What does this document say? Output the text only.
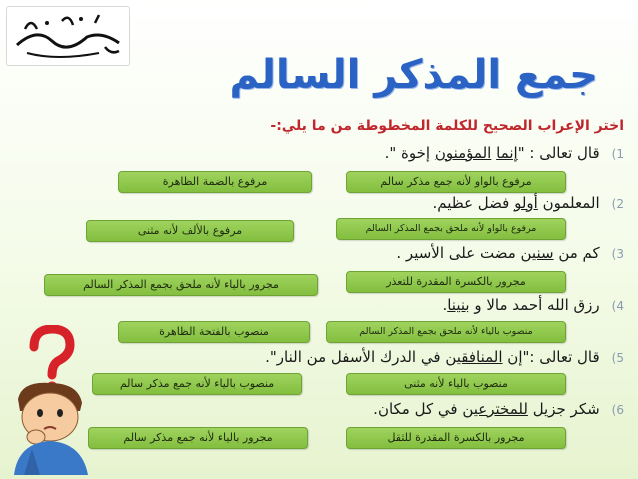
جمع المذكر السالم
اختر الإعراب الصحيح للكلمة المخطوطة من ما يلي:-
1)قال تعالى : "إنما المؤمنون إخوة ".
مرفوع بالواو لأنه جمع مذكر سالم
مرفوع بالضمة الظاهرة
2)المعلمون أولو فضل عظيم.
مرفوع بالواو لأنه ملحق بجمع المذكر السالم
مرفوع بالألف لأنه مثنى
3)كم من سنين مضت على الأسير .
مجرور بالكسرة المقدرة للتعذر
مجرور بالياء لأنه ملحق بجمع المذكر السالم
4)رزق الله أحمد مالا و بنينا.
منصوب بالياء لأنه ملحق بجمع المذكر السالم
منصوب بالفتحة الظاهرة
5)قال تعالى :"إن المنافقين في الدرك الأسفل من النار".
منصوب بالياء لأنه مثنى
منصوب بالياء لأنه جمع مذكر سالم
6)شكر جزيل للمخترعين في كل مكان.
مجرور بالكسرة المقدرة للثقل
مجرور بالياء لأنه جمع مذكر سالم
